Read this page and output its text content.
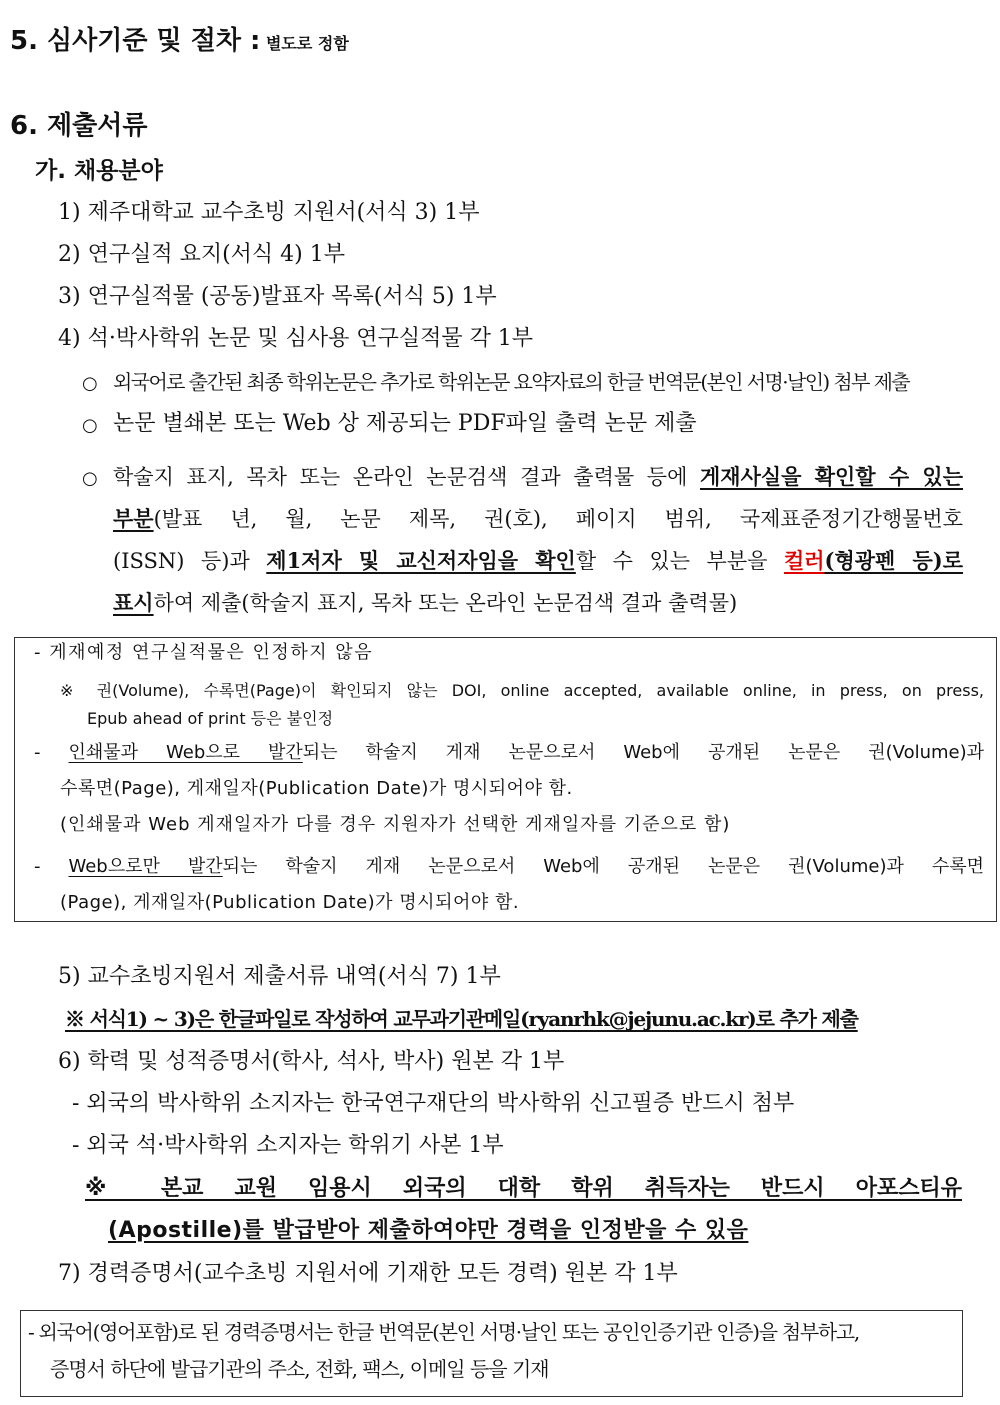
5. 심사기준 및 절차 : 별도로 정함
6. 제출서류
가. 채용분야
1) 제주대학교 교수초빙 지원서(서식 3) 1부
2) 연구실적 요지(서식 4) 1부
3) 연구실적물 (공동)발표자 목록(서식 5) 1부
4) 석·박사학위 논문 및 심사용 연구실적물 각 1부
○ 외국어로 출간된 최종 학위논문은 추가로 학위논문 요약자료의 한글 번역문(본인 서명·날인) 첨부 제출
○ 논문 별쇄본 또는 Web 상 제공되는 PDF파일 출력 논문 제출
○ 학술지 표지, 목차 또는 온라인 논문검색 결과 출력물 등에 게재사실을 확인할 수 있는
부분(발표 년, 월, 논문 제목, 권(호), 페이지 범위, 국제표준정기간행물번호
(ISSN) 등)과 제1저자 및 교신저자임을 확인할 수 있는 부분을 컬러(형광펜 등)로
표시하여 제출(학술지 표지, 목차 또는 온라인 논문검색 결과 출력물)
- 게재예정 연구실적물은 인정하지 않음
※ 권(Volume), 수록면(Page)이 확인되지 않는 DOI, online accepted, available online, in press, on press,
Epub ahead of print 등은 불인정
- 인쇄물과 Web으로 발간되는 학술지 게재 논문으로서 Web에 공개된 논문은 권(Volume)과
수록면(Page), 게재일자(Publication Date)가 명시되어야 함.
(인쇄물과 Web 게재일자가 다를 경우 지원자가 선택한 게재일자를 기준으로 함)
- Web으로만 발간되는 학술지 게재 논문으로서 Web에 공개된 논문은 권(Volume)과 수록면
(Page), 게재일자(Publication Date)가 명시되어야 함.
5) 교수초빙지원서 제출서류 내역(서식 7) 1부
※ 서식1) ~ 3)은 한글파일로 작성하여 교무과기관메일(ryanrhk@jejunu.ac.kr)로 추가 제출
6) 학력 및 성적증명서(학사, 석사, 박사) 원본 각 1부
- 외국의 박사학위 소지자는 한국연구재단의 박사학위 신고필증 반드시 첨부
- 외국 석·박사학위 소지자는 학위기 사본 1부
※ 본교 교원 임용시 외국의 대학 학위 취득자는 반드시 아포스티유
(Apostille)를 발급받아 제출하여야만 경력을 인정받을 수 있음
7) 경력증명서(교수초빙 지원서에 기재한 모든 경력) 원본 각 1부
- 외국어(영어포함)로 된 경력증명서는 한글 번역문(본인 서명·날인 또는 공인인증기관 인증)을 첨부하고,
증명서 하단에 발급기관의 주소, 전화, 팩스, 이메일 등을 기재
